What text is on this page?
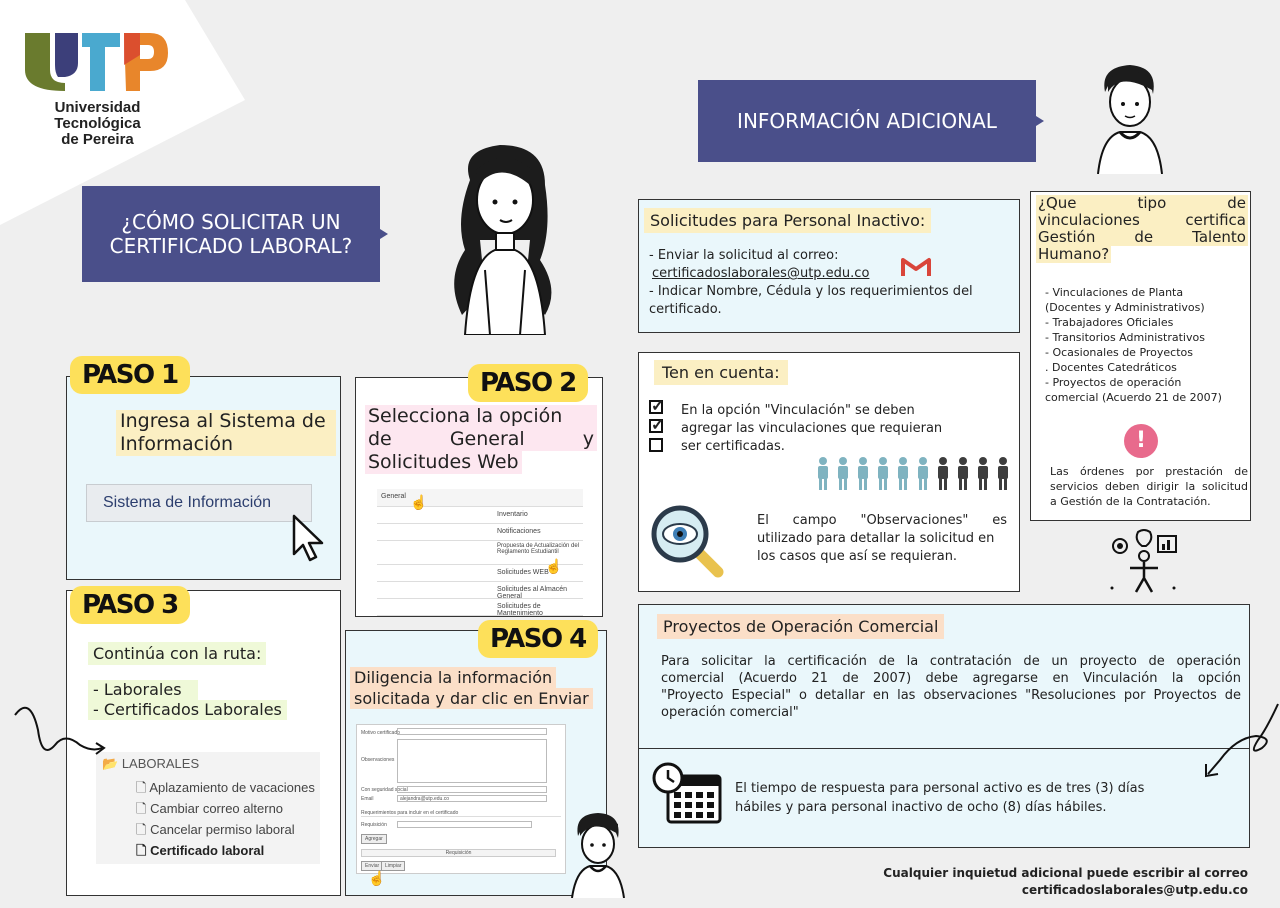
Universidad Tecnológica
de Pereira
¿CÓMO SOLICITAR UN
CERTIFICADO LABORAL?
INFORMACIÓN ADICIONAL
PASO 1
Ingresa al Sistema de
Información
Sistema de Información
PASO 2
Selecciona la opción
de General y
Solicitudes Web
General
Inventario
Notificaciones
Propuesta de Actualización del Reglamento Estudiantil
Solicitudes WEB
Solicitudes al Almacén General
Solicitudes de Mantenimiento
☝
☝
PASO 3
Continúa con la ruta:
- Laborales
- Certificados Laborales
📂 LABORALES
🗋 Aplazamiento de vacaciones
🗋 Cambiar correo alterno
🗋 Cancelar permiso laboral
🗋 Certificado laboral
PASO 4
Diligencia la información
solicitada y dar clic en Enviar
Motivo certificado
Observaciones
Con seguridad social
Email	alejandra@utp.edu.co
Requerimientos para incluir en el certificado
Requisición
Agregar
Requisición
Enviar	Limpiar
☝
Solicitudes para Personal Inactivo:
- Enviar la solicitud al correo:
certificadoslaborales@utp.edu.co
- Indicar Nombre, Cédula y los requerimientos del
certificado.
Ten en cuenta:
✓
✓
En la opción "Vinculación" se deben
agregar las vinculaciones que requieran
ser certificadas.
El campo "Observaciones" es
utilizado para detallar la solicitud en
los casos que así se requieran.
¿Que tipo de
vinculaciones certifica
Gestión de Talento
Humano?
- Vinculaciones de Planta
(Docentes y Administrativos)
- Trabajadores Oficiales
- Transitorios Administrativos
- Ocasionales de Proyectos
. Docentes Catedráticos
- Proyectos de operación
comercial (Acuerdo 21 de 2007)
!
Las órdenes por prestación de
servicios deben dirigir la solicitud
a Gestión de la Contratación.
Proyectos de Operación Comercial
Para solicitar la certificación de la contratación de un proyecto de operación
comercial (Acuerdo 21 de 2007) debe agregarse en Vinculación la opción
"Proyecto Especial" o detallar en las observaciones "Resoluciones por Proyectos de
operación comercial"
El tiempo de respuesta para personal activo es de tres (3) días
hábiles y para personal inactivo de ocho (8) días hábiles.
Cualquier inquietud adicional puede escribir al correo
certificadoslaborales@utp.edu.co
